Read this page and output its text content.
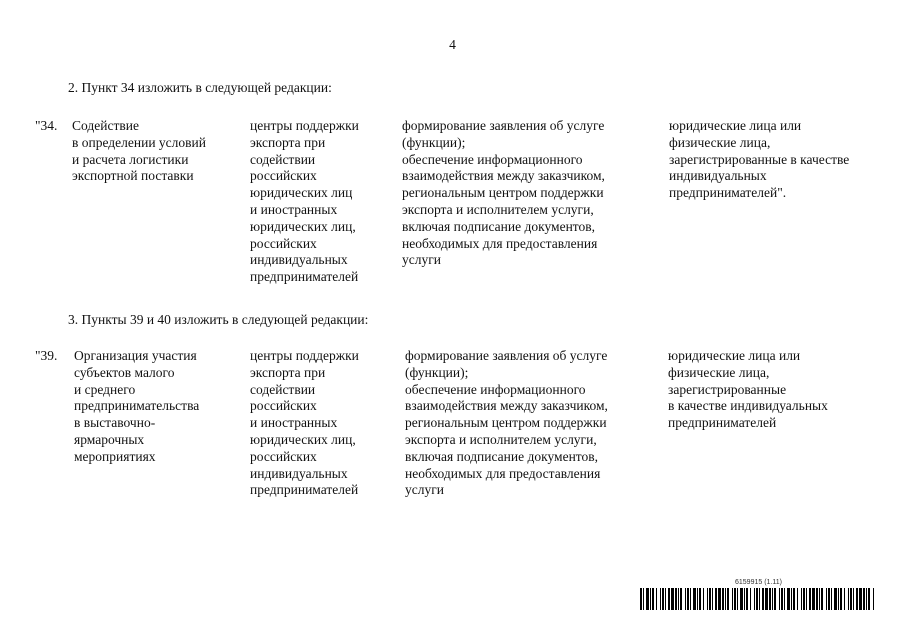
4
2. Пункт 34 изложить в следующей редакции:
"34. Содействие
в определении условий
и расчета логистики
экспортной поставки
центры поддержки
экспорта при
содействии
российских
юридических лиц
и иностранных
юридических лиц,
российских
индивидуальных
предпринимателей
формирование заявления об услуге
(функции);
обеспечение информационного
взаимодействия между заказчиком,
региональным центром поддержки
экспорта и исполнителем услуги,
включая подписание документов,
необходимых для предоставления
услуги
юридические лица или
физические лица,
зарегистрированные в качестве
индивидуальных
предпринимателей".
3. Пункты 39 и 40 изложить в следующей редакции:
"39. Организация участия
субъектов малого
и среднего
предпринимательства
в выставочно-
ярмарочных
мероприятиях
центры поддержки
экспорта при
содействии
российских
и иностранных
юридических лиц,
российских
индивидуальных
предпринимателей
формирование заявления об услуге
(функции);
обеспечение информационного
взаимодействия между заказчиком,
региональным центром поддержки
экспорта и исполнителем услуги,
включая подписание документов,
необходимых для предоставления
услуги
юридические лица или
физические лица,
зарегистрированные
в качестве индивидуальных
предпринимателей
6159915 (1.11)
